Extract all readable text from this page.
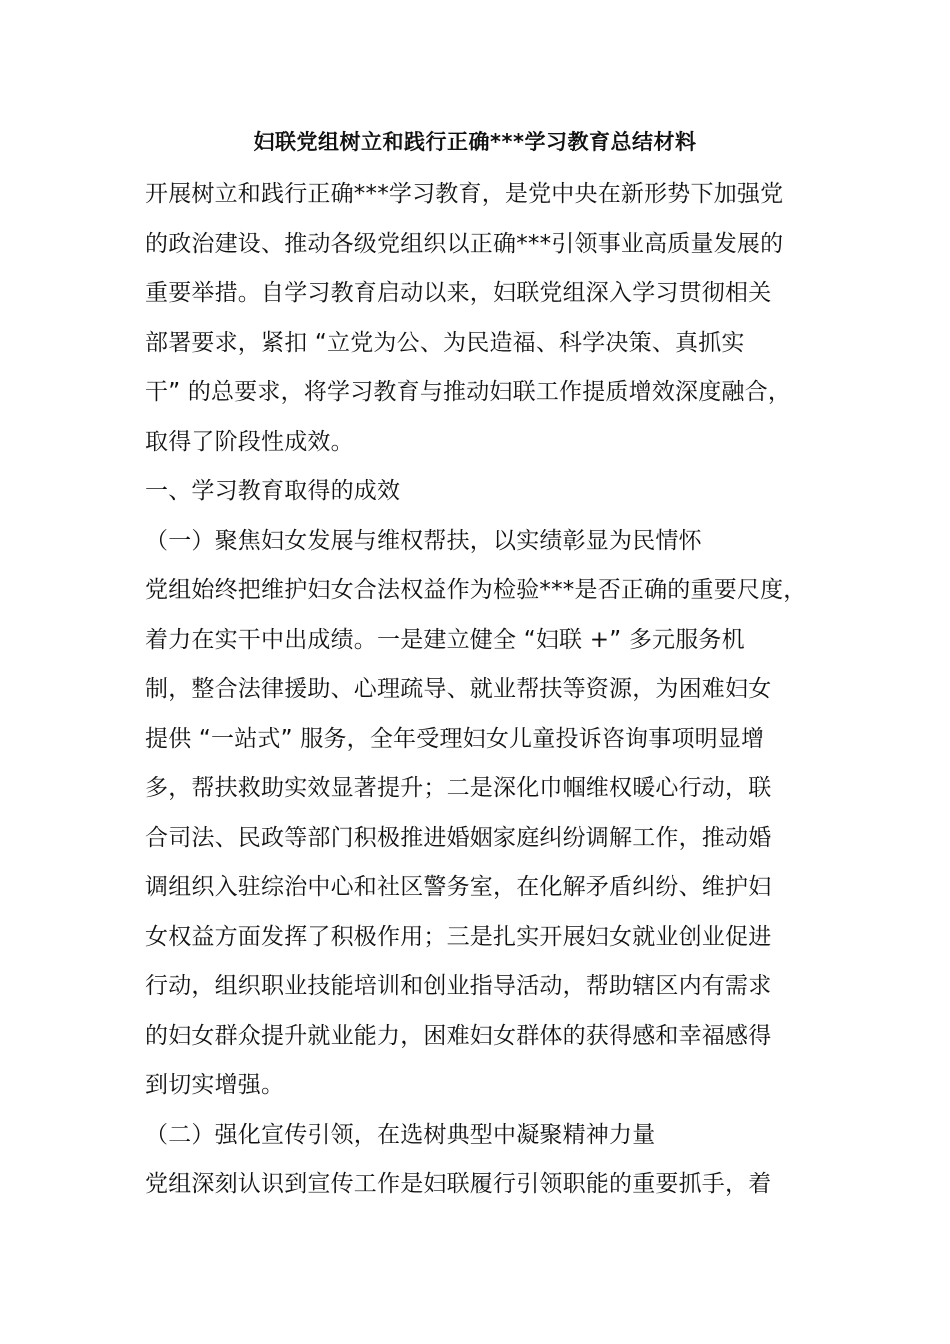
妇联党组树立和践行正确***学习教育总结材料
开展树立和践行正确***学习教育，是党中央在新形势下加强党
的政治建设、推动各级党组织以正确***引领事业高质量发展的
重要举措。自学习教育启动以来，妇联党组深入学习贯彻相关
部署要求，紧扣 “立党为公、为民造福、科学决策、真抓实
干” 的总要求，将学习教育与推动妇联工作提质增效深度融合，
取得了阶段性成效。
一、学习教育取得的成效
（一）聚焦妇女发展与维权帮扶，以实绩彰显为民情怀
党组始终把维护妇女合法权益作为检验***是否正确的重要尺度，
着力在实干中出成绩。一是建立健全 “妇联 +” 多元服务机
制，整合法律援助、心理疏导、就业帮扶等资源，为困难妇女
提供 “一站式” 服务，全年受理妇女儿童投诉咨询事项明显增
多，帮扶救助实效显著提升；二是深化巾帼维权暖心行动，联
合司法、民政等部门积极推进婚姻家庭纠纷调解工作，推动婚
调组织入驻综治中心和社区警务室，在化解矛盾纠纷、维护妇
女权益方面发挥了积极作用；三是扎实开展妇女就业创业促进
行动，组织职业技能培训和创业指导活动，帮助辖区内有需求
的妇女群众提升就业能力，困难妇女群体的获得感和幸福感得
到切实增强。
（二）强化宣传引领，在选树典型中凝聚精神力量
党组深刻认识到宣传工作是妇联履行引领职能的重要抓手，着
